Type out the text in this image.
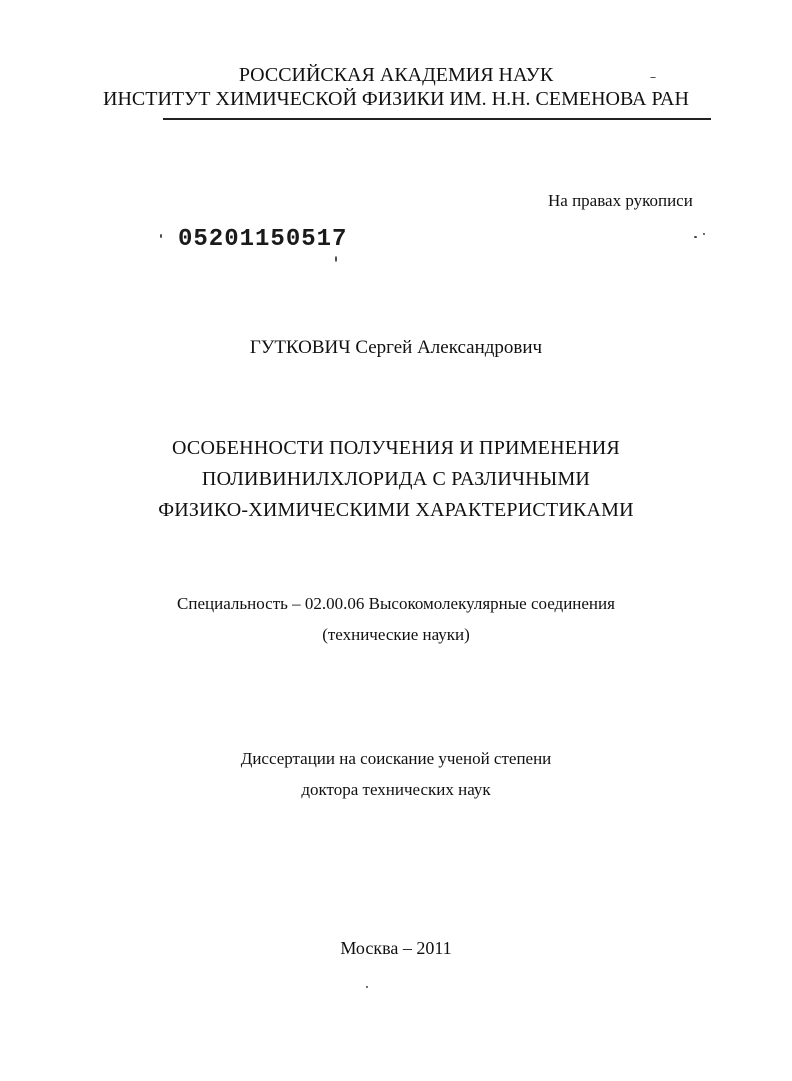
РОССИЙСКАЯ АКАДЕМИЯ НАУК
ИНСТИТУТ ХИМИЧЕСКОЙ ФИЗИКИ ИМ. Н.Н. СЕМЕНОВА РАН
На правах рукописи
05201150517
ГУТКОВИЧ Сергей Александрович
ОСОБЕННОСТИ ПОЛУЧЕНИЯ И ПРИМЕНЕНИЯ
ПОЛИВИНИЛХЛОРИДА С РАЗЛИЧНЫМИ
ФИЗИКО-ХИМИЧЕСКИМИ ХАРАКТЕРИСТИКАМИ
Специальность – 02.00.06 Высокомолекулярные соединения
(технические науки)
Диссертации на соискание ученой степени
доктора технических наук
Москва – 2011
